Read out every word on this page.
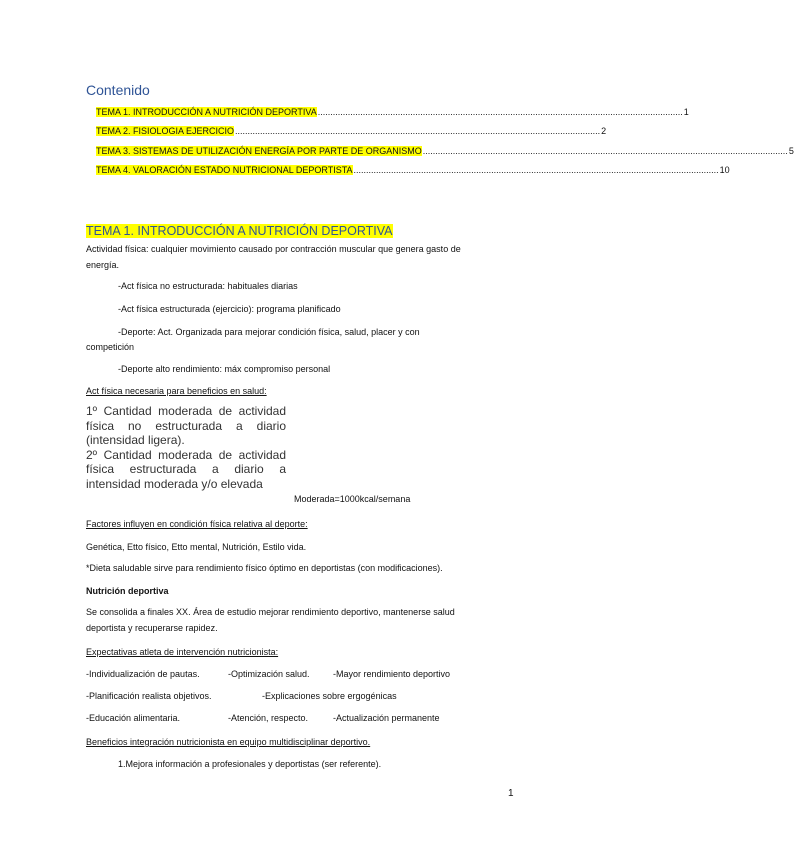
Contenido
TEMA 1. INTRODUCCIÓN A NUTRICIÓN DEPORTIVA .................................................................................................................................................. 1
TEMA 2. FISIOLOGIA EJERCICIO .................................................................................................................................................. 2
TEMA 3. SISTEMAS DE UTILIZACIÓN ENERGÍA POR PARTE DE ORGANISMO .................................................................................................................................................. 5
TEMA 4. VALORACIÓN ESTADO NUTRICIONAL DEPORTISTA .................................................................................................................................................. 10
TEMA 1. INTRODUCCIÓN A NUTRICIÓN DEPORTIVA
Actividad física: cualquier movimiento causado por contracción muscular que genera gasto de
energía.
-Act física no estructurada: habituales diarias
-Act física estructurada (ejercicio): programa planificado
-Deporte: Act. Organizada para mejorar condición física, salud, placer y con
competición
-Deporte alto rendimiento: máx compromiso personal
Act física necesaria para beneficios en salud:

1º Cantidad moderada de actividad física no estructurada a diario (intensidad ligera).

2º Cantidad moderada de actividad física estructurada a diario a intensidad moderada y/o elevada

Moderada=1000kcal/semana
Factores influyen en condición física relativa al deporte:
Genética, Etto físico, Etto mental, Nutrición, Estilo vida.
*Dieta saludable sirve para rendimiento físico óptimo en deportistas (con modificaciones).
Nutrición deportiva
Se consolida a finales XX. Área de estudio mejorar rendimiento deportivo, mantenerse salud
deportista y recuperarse rapidez.
Expectativas atleta de intervención nutricionista:
-Individualización de pautas.	-Optimización salud.	-Mayor rendimiento deportivo
-Planificación realista objetivos.	-Explicaciones sobre ergogénicas
-Educación alimentaria.	-Atención, respecto.	-Actualización permanente
Beneficios integración nutricionista en equipo multidisciplinar deportivo.
1.Mejora información a profesionales y deportistas (ser referente).
1
